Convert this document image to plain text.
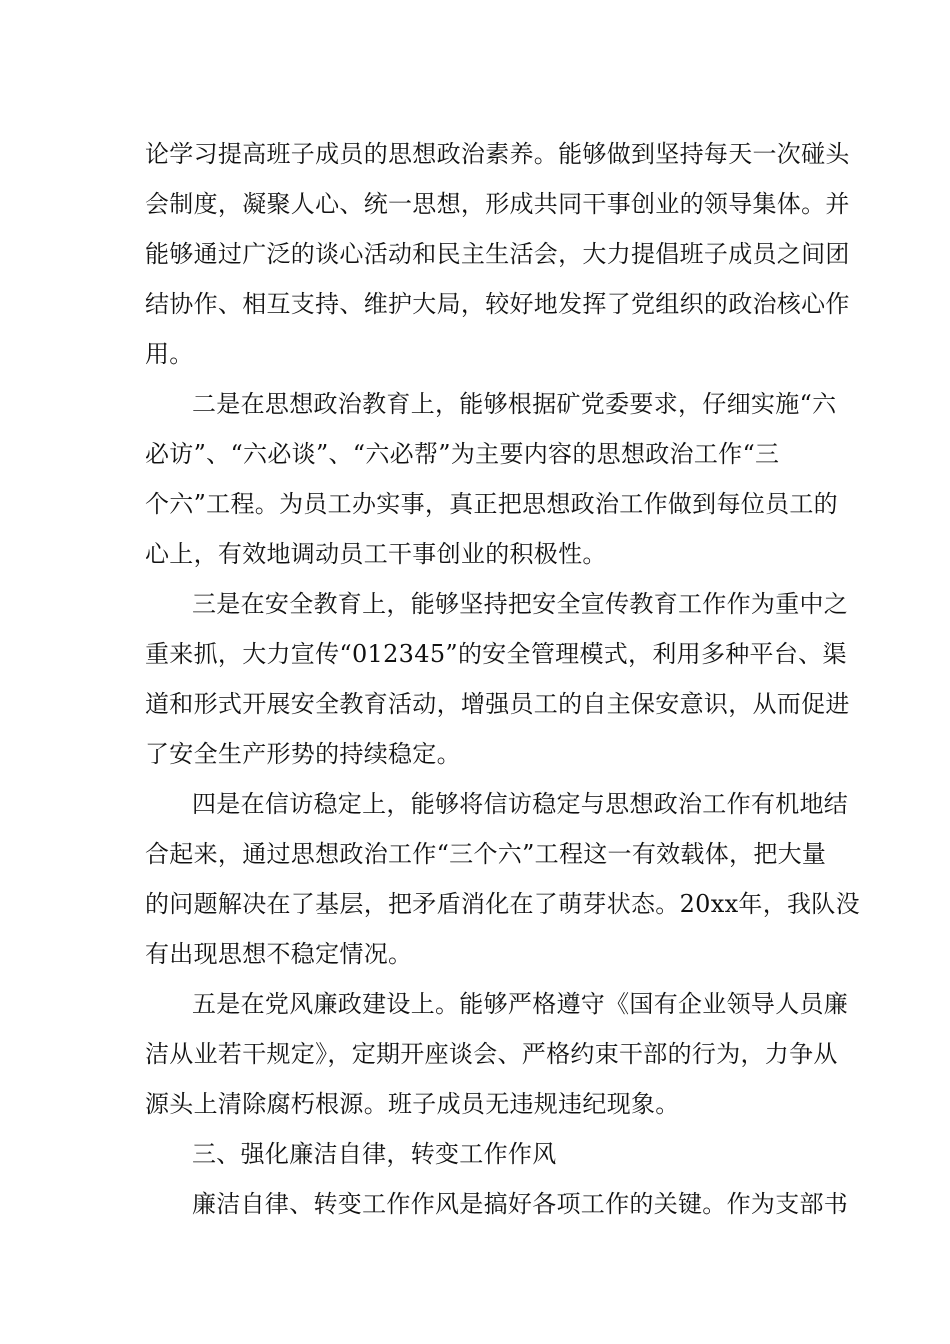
论学习提高班子成员的思想政治素养。能够做到坚持每天一次碰头
会制度，凝聚人心、统一思想，形成共同干事创业的领导集体。并
能够通过广泛的谈心活动和民主生活会，大力提倡班子成员之间团
结协作、相互支持、维护大局，较好地发挥了党组织的政治核心作
用。
二是在思想政治教育上，能够根据矿党委要求，仔细实施“六
必访”、“六必谈”、“六必帮”为主要内容的思想政治工作“三
个六”工程。为员工办实事，真正把思想政治工作做到每位员工的
心上，有效地调动员工干事创业的积极性。
三是在安全教育上，能够坚持把安全宣传教育工作作为重中之
重来抓，大力宣传“012345”的安全管理模式，利用多种平台、渠
道和形式开展安全教育活动，增强员工的自主保安意识，从而促进
了安全生产形势的持续稳定。
四是在信访稳定上，能够将信访稳定与思想政治工作有机地结
合起来，通过思想政治工作“三个六”工程这一有效载体，把大量
的问题解决在了基层，把矛盾消化在了萌芽状态。20xx年，我队没
有出现思想不稳定情况。
五是在党风廉政建设上。能够严格遵守《国有企业领导人员廉
洁从业若干规定》，定期开座谈会、严格约束干部的行为，力争从
源头上清除腐朽根源。班子成员无违规违纪现象。
三、强化廉洁自律，转变工作作风
廉洁自律、转变工作作风是搞好各项工作的关键。作为支部书
